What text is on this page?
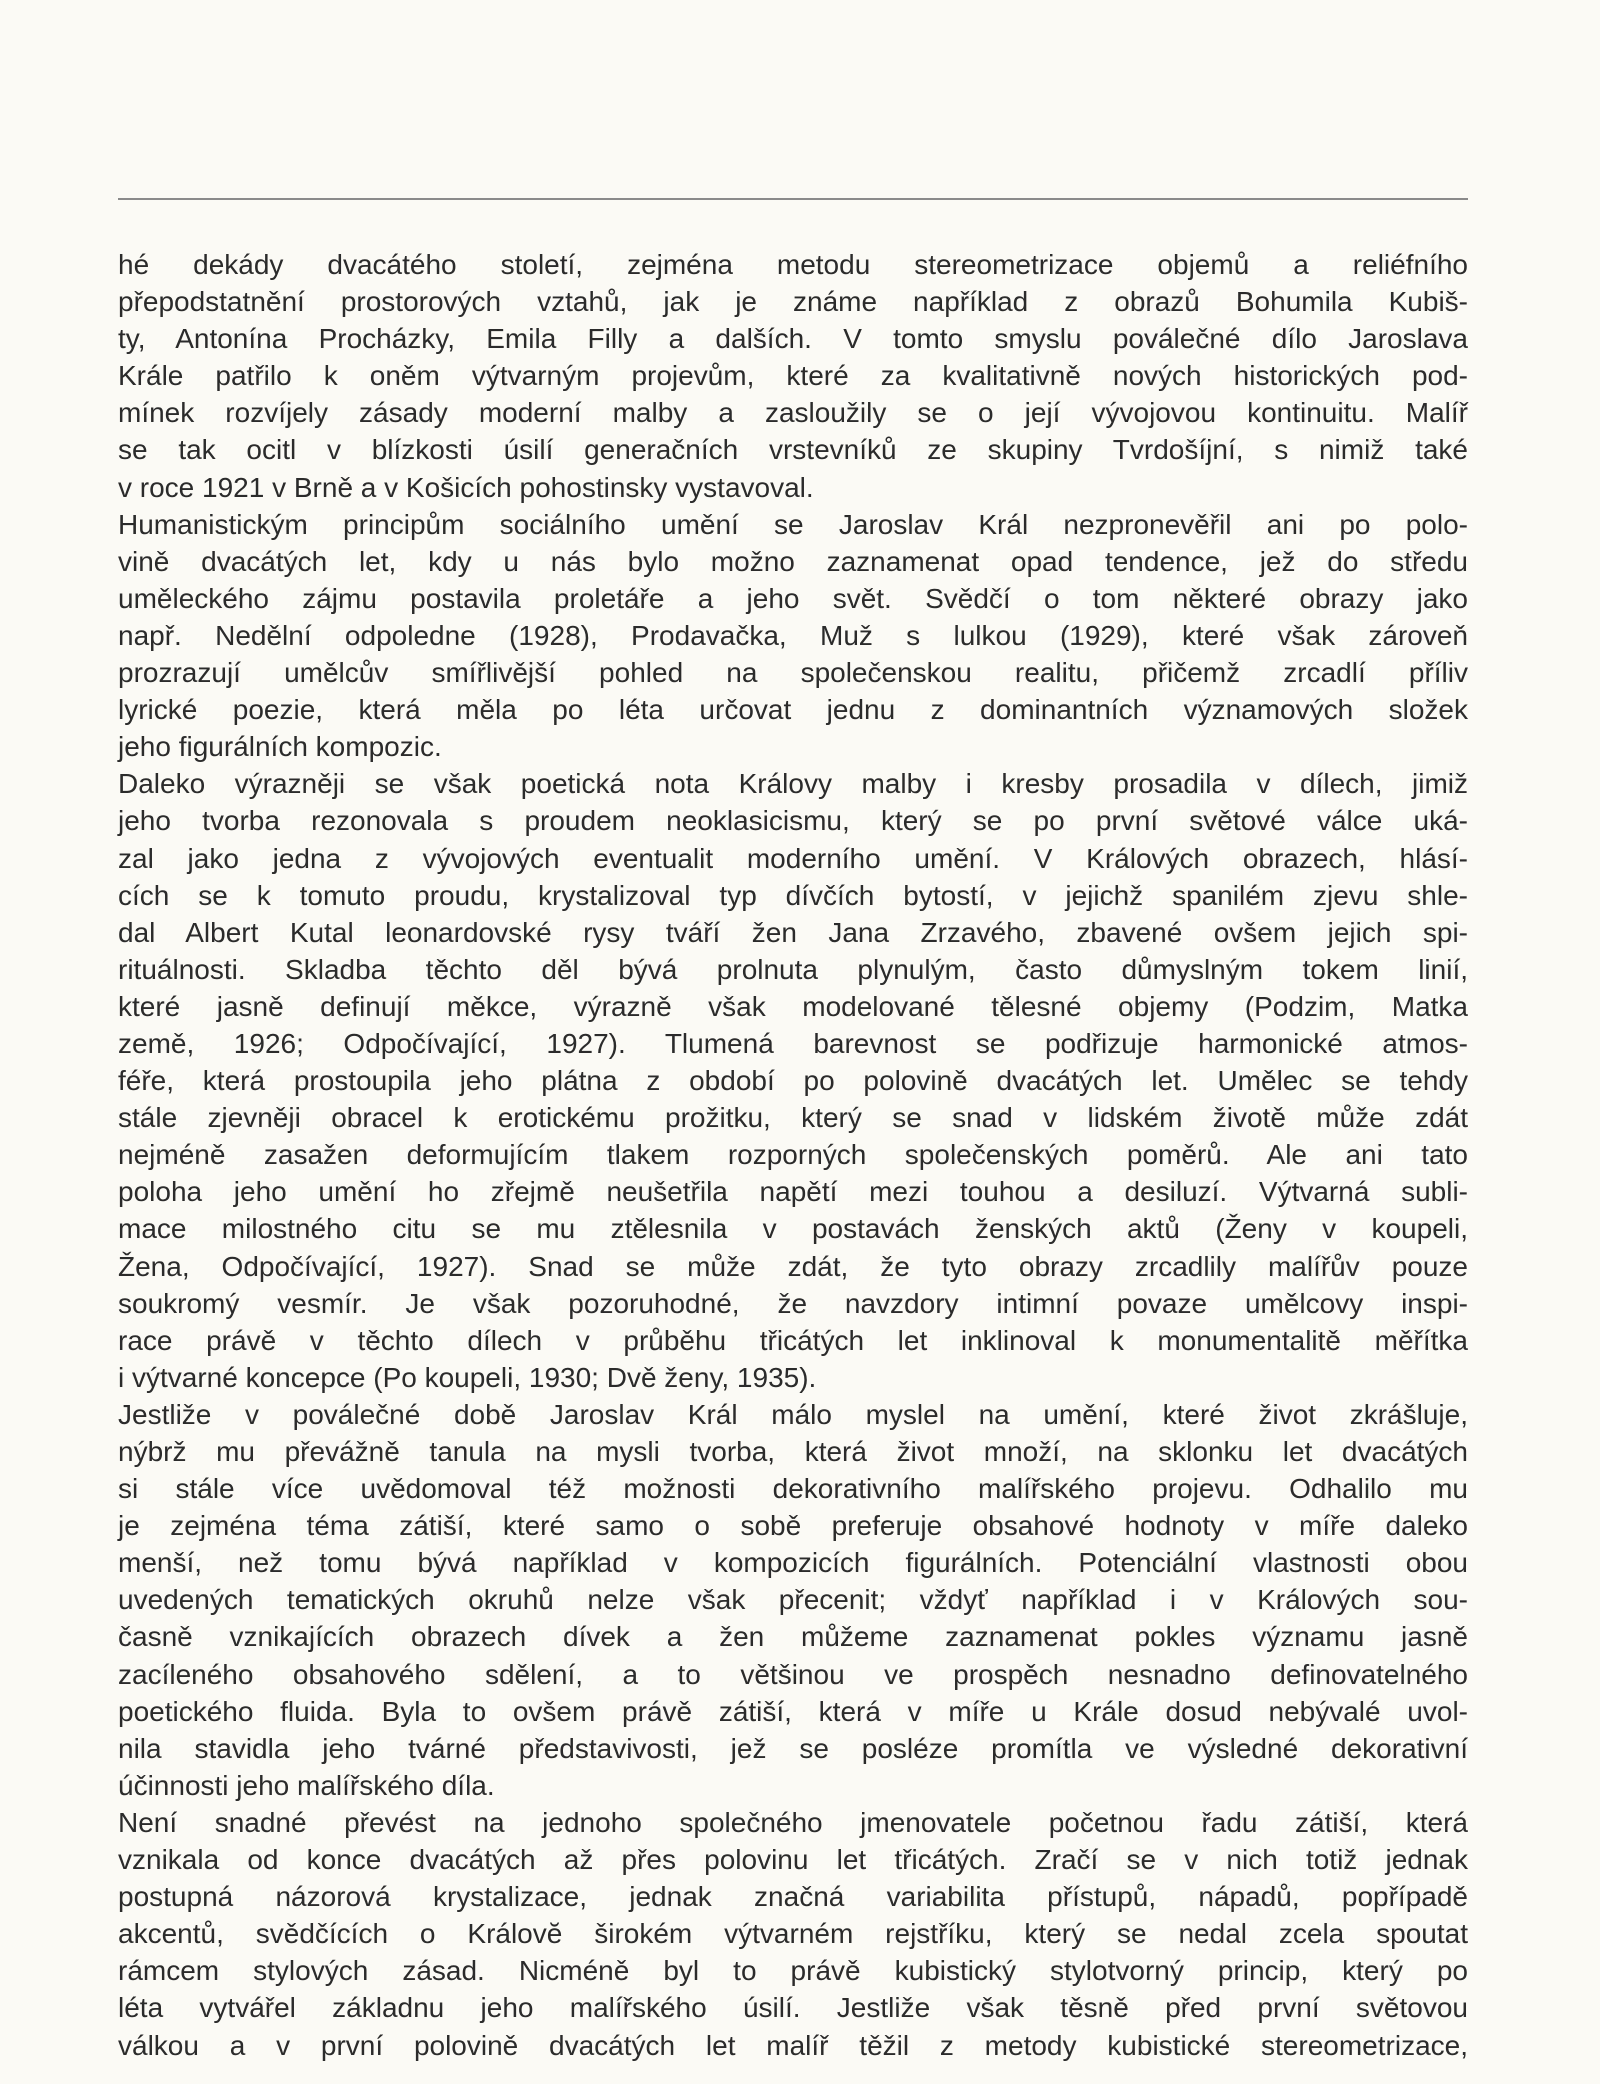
hé dekády dvacátého století, zejména metodu stereometrizace objemů a reliéfního
přepodstatnění prostorových vztahů, jak je známe například z obrazů Bohumila Kubiš-
ty, Antonína Procházky, Emila Filly a dalších. V tomto smyslu poválečné dílo Jaroslava
Krále patřilo k oněm výtvarným projevům, které za kvalitativně nových historických pod-
mínek rozvíjely zásady moderní malby a zasloužily se o její vývojovou kontinuitu. Malíř
se tak ocitl v blízkosti úsilí generačních vrstevníků ze skupiny Tvrdošíjní, s nimiž také
v roce 1921 v Brně a v Košicích pohostinsky vystavoval.
Humanistickým principům sociálního umění se Jaroslav Král nezpronevěřil ani po polo-
vině dvacátých let, kdy u nás bylo možno zaznamenat opad tendence, jež do středu
uměleckého zájmu postavila proletáře a jeho svět. Svědčí o tom některé obrazy jako
např. Nedělní odpoledne (1928), Prodavačka, Muž s lulkou (1929), které však zároveň
prozrazují umělcův smířlivější pohled na společenskou realitu, přičemž zrcadlí příliv
lyrické poezie, která měla po léta určovat jednu z dominantních významových složek
jeho figurálních kompozic.
Daleko výrazněji se však poetická nota Královy malby i kresby prosadila v dílech, jimiž
jeho tvorba rezonovala s proudem neoklasicismu, který se po první světové válce uká-
zal jako jedna z vývojových eventualit moderního umění. V Králových obrazech, hlásí-
cích se k tomuto proudu, krystalizoval typ dívčích bytostí, v jejichž spanilém zjevu shle-
dal Albert Kutal leonardovské rysy tváří žen Jana Zrzavého, zbavené ovšem jejich spi-
rituálnosti. Skladba těchto děl bývá prolnuta plynulým, často důmyslným tokem linií,
které jasně definují měkce, výrazně však modelované tělesné objemy (Podzim, Matka
země, 1926; Odpočívající, 1927). Tlumená barevnost se podřizuje harmonické atmos-
féře, která prostoupila jeho plátna z období po polovině dvacátých let. Umělec se tehdy
stále zjevněji obracel k erotickému prožitku, který se snad v lidském životě může zdát
nejméně zasažen deformujícím tlakem rozporných společenských poměrů. Ale ani tato
poloha jeho umění ho zřejmě neušetřila napětí mezi touhou a desiluzí. Výtvarná subli-
mace milostného citu se mu ztělesnila v postavách ženských aktů (Ženy v koupeli,
Žena, Odpočívající, 1927). Snad se může zdát, že tyto obrazy zrcadlily malířův pouze
soukromý vesmír. Je však pozoruhodné, že navzdory intimní povaze umělcovy inspi-
race právě v těchto dílech v průběhu třicátých let inklinoval k monumentalitě měřítka
i výtvarné koncepce (Po koupeli, 1930; Dvě ženy, 1935).
Jestliže v poválečné době Jaroslav Král málo myslel na umění, které život zkrášluje,
nýbrž mu převážně tanula na mysli tvorba, která život množí, na sklonku let dvacátých
si stále více uvědomoval též možnosti dekorativního malířského projevu. Odhalilo mu
je zejména téma zátiší, které samo o sobě preferuje obsahové hodnoty v míře daleko
menší, než tomu bývá například v kompozicích figurálních. Potenciální vlastnosti obou
uvedených tematických okruhů nelze však přecenit; vždyť například i v Králových sou-
časně vznikajících obrazech dívek a žen můžeme zaznamenat pokles významu jasně
zacíleného obsahového sdělení, a to většinou ve prospěch nesnadno definovatelného
poetického fluida. Byla to ovšem právě zátiší, která v míře u Krále dosud nebývalé uvol-
nila stavidla jeho tvárné představivosti, jež se posléze promítla ve výsledné dekorativní
účinnosti jeho malířského díla.
Není snadné převést na jednoho společného jmenovatele početnou řadu zátiší, která
vznikala od konce dvacátých až přes polovinu let třicátých. Zračí se v nich totiž jednak
postupná názorová krystalizace, jednak značná variabilita přístupů, nápadů, popřípadě
akcentů, svědčících o Královĕ širokém výtvarném rejstříku, který se nedal zcela spoutat
rámcem stylových zásad. Nicméně byl to právě kubistický stylotvorný princip, který po
léta vytvářel základnu jeho malířského úsilí. Jestliže však těsně před první světovou
válkou a v první polovině dvacátých let malíř těžil z metody kubistické stereometrizace,
